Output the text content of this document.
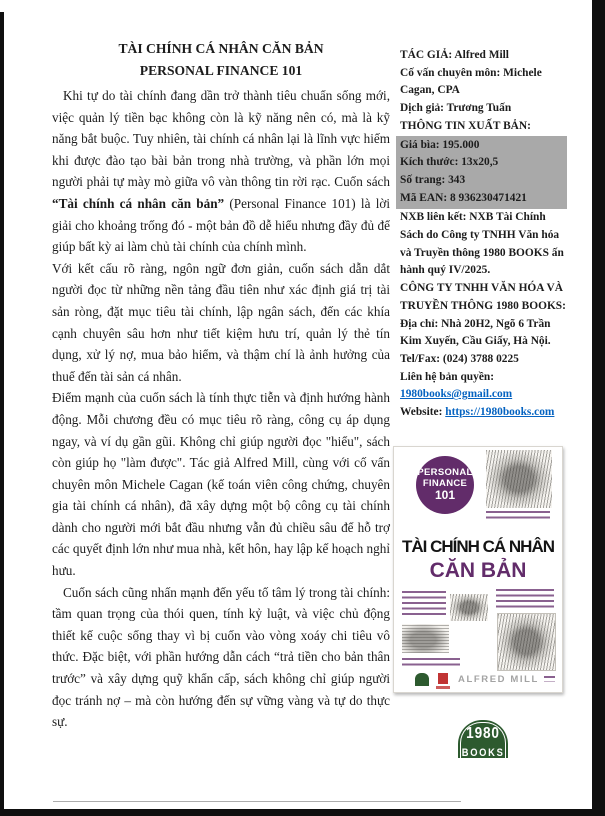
TÀI CHÍNH CÁ NHÂN CĂN BẢN
PERSONAL FINANCE 101

Khi tự do tài chính đang dần trở thành tiêu chuẩn sống mới, việc quản lý tiền bạc không còn là kỹ năng nên có, mà là kỹ năng bắt buộc. Tuy nhiên, tài chính cá nhân lại là lĩnh vực hiếm khi được đào tạo bài bản trong nhà trường, và phần lớn mọi người phải tự mày mò giữa vô vàn thông tin rời rạc. Cuốn sách “Tài chính cá nhân căn bản” (Personal Finance 101) là lời giải cho khoảng trống đó - một bản đồ dễ hiểu nhưng đầy đủ để giúp bất kỳ ai làm chủ tài chính của chính mình.

Với kết cấu rõ ràng, ngôn ngữ đơn giản, cuốn sách dẫn dắt người đọc từ những nền tảng đầu tiên như xác định giá trị tài sản ròng, đặt mục tiêu tài chính, lập ngân sách, đến các khía cạnh chuyên sâu hơn như tiết kiệm hưu trí, quản lý thẻ tín dụng, xử lý nợ, mua bảo hiểm, và thậm chí là ảnh hưởng của thuế đến tài sản cá nhân.

Điểm mạnh của cuốn sách là tính thực tiễn và định hướng hành động. Mỗi chương đều có mục tiêu rõ ràng, công cụ áp dụng ngay, và ví dụ gần gũi. Không chỉ giúp người đọc "hiểu", sách còn giúp họ "làm được". Tác giả Alfred Mill, cùng với cố vấn chuyên môn Michele Cagan (kế toán viên công chứng, chuyên gia tài chính cá nhân), đã xây dựng một bộ công cụ tài chính dành cho người mới bắt đầu nhưng vẫn đủ chiều sâu để hỗ trợ các quyết định lớn như mua nhà, kết hôn, hay lập kế hoạch nghỉ hưu.

Cuốn sách cũng nhấn mạnh đến yếu tố tâm lý trong tài chính: tầm quan trọng của thói quen, tính kỷ luật, và việc chủ động thiết kế cuộc sống thay vì bị cuốn vào vòng xoáy chi tiêu vô thức. Đặc biệt, với phần hướng dẫn cách “trả tiền cho bản thân trước” và xây dựng quỹ khẩn cấp, sách không chỉ giúp người đọc tránh nợ – mà còn hướng đến sự vững vàng và tự do thực sự.

TÁC GIẢ: Alfred Mill
Cố vấn chuyên môn: Michele Cagan, CPA
Dịch giả: Trương Tuấn
THÔNG TIN XUẤT BẢN:
Giá bìa: 195.000
Kích thước: 13x20,5
Số trang: 343
Mã EAN: 8 936230471421
NXB liên kết: NXB Tài Chính
Sách do Công ty TNHH Văn hóa và Truyền thông 1980 BOOKS ấn hành quý IV/2025.
CÔNG TY TNHH VĂN HÓA VÀ TRUYỀN THÔNG 1980 BOOKS:
Địa chỉ: Nhà 20H2, Ngõ 6 Trần Kim Xuyến, Cầu Giấy, Hà Nội.
Tel/Fax: (024) 3788 0225
Liên hệ bản quyền:
1980books@gmail.com
Website: https://1980books.com
PERSONAL
FINANCE
101
TÀI CHÍNH CÁ NHÂN
CĂN BẢN
ALFRED MILL
1980
BOOKS
